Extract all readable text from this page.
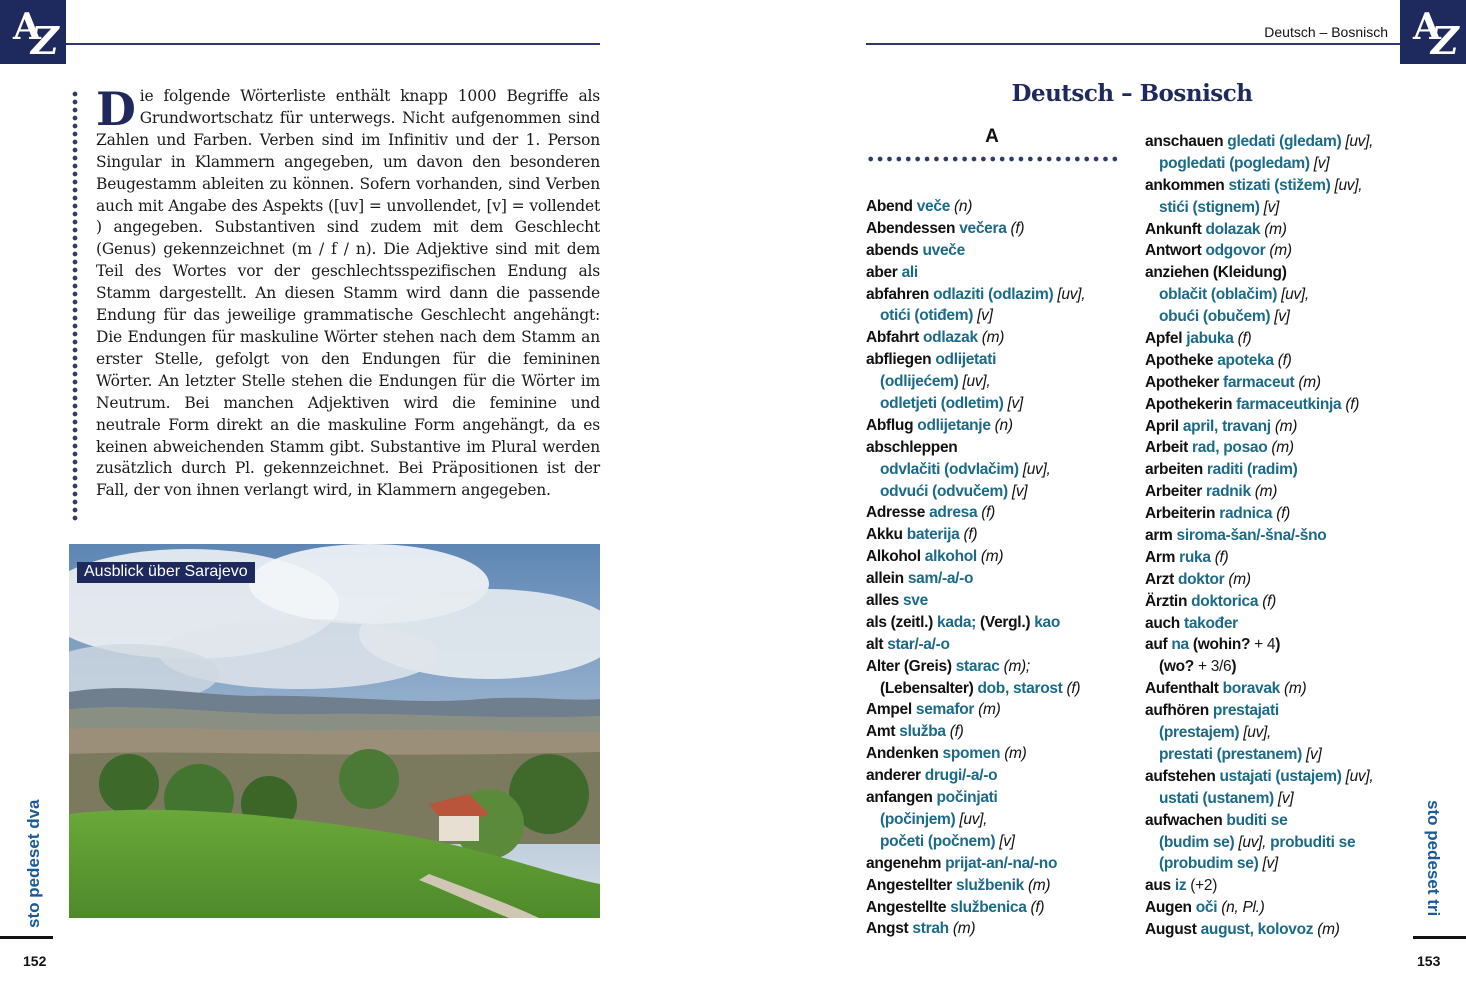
A
Z

Die folgende Wörterliste enthält knapp 1000 Begriffe als Grundwortschatz für unterwegs. Nicht aufgenommen sind Zahlen und Farben. Verben sind im Infinitiv und der 1. Person Singular in Klammern angegeben, um davon den besonderen Beugestamm ableiten zu können. Sofern vorhanden, sind Verben auch mit Angabe des Aspekts ([uv] = unvollendet, [v] = vollendet ) angegeben. Substantiven sind zudem mit dem Geschlecht (Genus) gekennzeichnet (m / f / n). Die Adjektive sind mit dem Teil des Wortes vor der geschlechtsspezifischen Endung als Stamm dargestellt. An diesen Stamm wird dann die passende Endung für das jeweilige grammatische Geschlecht angehängt: Die Endungen für maskuline Wörter stehen nach dem Stamm an erster Stelle, gefolgt von den Endungen für die femininen Wörter. An letzter Stelle stehen die Endungen für die Wörter im Neutrum. Bei manchen Adjektiven wird die feminine und neutrale Form direkt an die maskuline Form angehängt, da es keinen abweichenden Stamm gibt. Substantive im Plural werden zusätzlich durch Pl. gekennzeichnet. Bei Präpositionen ist der Fall, der von ihnen verlangt wird, in Klammern angegeben.

Ausblick über Sarajevo
sto pedeset dva
152
Deutsch – Bosnisch A
Z
Deutsch – Bosnisch
A
Abend veče (n)
Abendessen večera (f)
abends uveče
aber ali
abfahren odlaziti (odlazim) [uv],
otići (otiđem) [v]
Abfahrt odlazak (m)
abfliegen odlijetati
(odlijećem) [uv],
odletjeti (odletim) [v]
Abflug odlijetanje (n)
abschleppen
odvlačiti (odvlačim) [uv],
odvući (odvučem) [v]
Adresse adresa (f)
Akku baterija (f)
Alkohol alkohol (m)
allein sam/-a/-o
alles sve
als (zeitl.) kada; (Vergl.) kao
alt star/-a/-o
Alter (Greis) starac (m);
(Lebensalter) dob, starost (f)
Ampel semafor (m)
Amt služba (f)
Andenken spomen (m)
anderer drugi/-a/-o
anfangen počinjati
(počinjem) [uv],
početi (počnem) [v]
angenehm prijat-an/-na/-no
Angestellter službenik (m)
Angestellte službenica (f)
Angst strah (m)
anschauen gledati (gledam) [uv],
pogledati (pogledam) [v]
ankommen stizati (stižem) [uv],
stići (stignem) [v]
Ankunft dolazak (m)
Antwort odgovor (m)
anziehen (Kleidung)
oblačit (oblačim) [uv],
obući (obučem) [v]
Apfel jabuka (f)
Apotheke apoteka (f)
Apotheker farmaceut (m)
Apothekerin farmaceutkinja (f)
April april, travanj (m)
Arbeit rad, posao (m)
arbeiten raditi (radim)
Arbeiter radnik (m)
Arbeiterin radnica (f)
arm siroma-šan/-šna/-šno
Arm ruka (f)
Arzt doktor (m)
Ärztin doktorica (f)
auch također
auf na (wohin? + 4)
(wo? + 3/6)
Aufenthalt boravak (m)
aufhören prestajati
(prestajem) [uv],
prestati (prestanem) [v]
aufstehen ustajati (ustajem) [uv],
ustati (ustanem) [v]
aufwachen buditi se
(budim se) [uv], probuditi se
(probudim se) [v]
aus iz (+2)
Augen oči (n, Pl.)
August august, kolovoz (m)
sto pedeset tri
153
